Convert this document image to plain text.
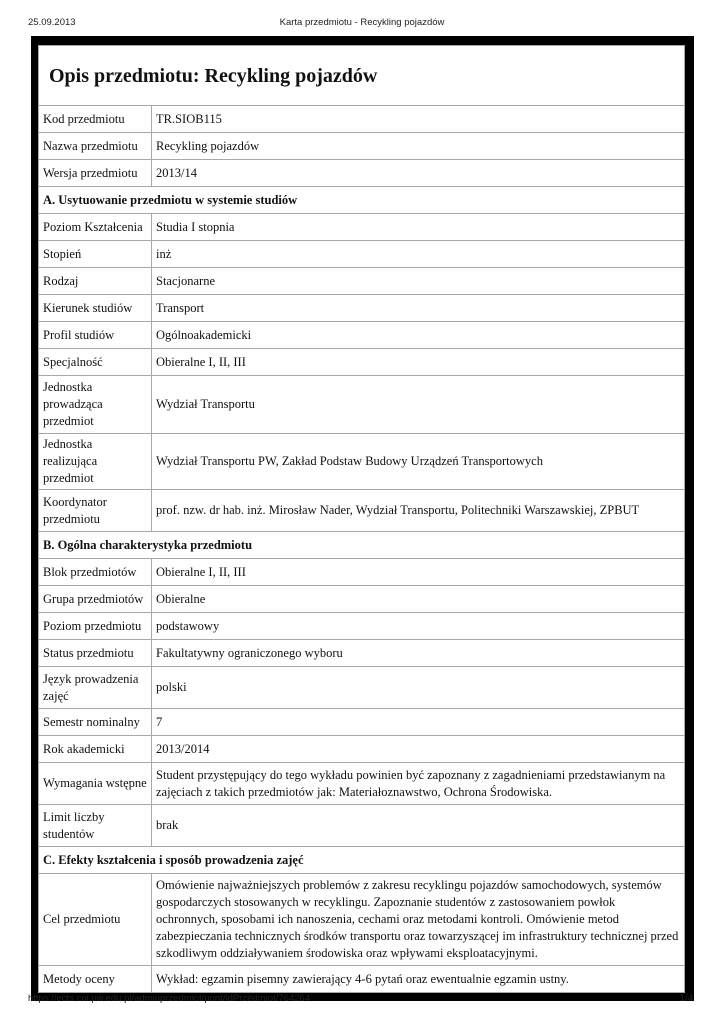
25.09.2013	Karta przedmiotu - Recykling pojazdów
Opis przedmiotu: Recykling pojazdów
Kod przedmiotu	TR.SIOB115
Nazwa przedmiotu	Recykling pojazdów
Wersja przedmiotu	2013/14
A. Usytuowanie przedmiotu w systemie studiów	
Poziom Kształcenia	Studia I stopnia
Stopień	inż
Rodzaj	Stacjonarne
Kierunek studiów	Transport
Profil studiów	Ogólnoakademicki
Specjalność	Obieralne I, II, III
Jednostka prowadząca przedmiot	Wydział Transportu
Jednostka realizująca przedmiot	Wydział Transportu PW, Zakład Podstaw Budowy Urządzeń Transportowych
Koordynator przedmiotu	prof. nzw. dr hab. inż. Mirosław Nader, Wydział Transportu, Politechniki Warszawskiej, ZPBUT
B. Ogólna charakterystyka przedmiotu	
Blok przedmiotów	Obieralne I, II, III
Grupa przedmiotów	Obieralne
Poziom przedmiotu	podstawowy
Status przedmiotu	Fakultatywny ograniczonego wyboru
Język prowadzenia zajęć	polski
Semestr nominalny	7
Rok akademicki	2013/2014
Wymagania wstępne	Student przystępujący do tego wykładu powinien być zapoznany z zagadnieniami przedstawianym na zajęciach z takich przedmiotów jak: Materiałoznawstwo, Ochrona Środowiska.
Limit liczby studentów	brak
C. Efekty kształcenia i sposób prowadzenia zajęć	
Cel przedmiotu	Omówienie najważniejszych problemów z zakresu recyklingu pojazdów samochodowych, systemów gospodarczych stosowanych w recyklingu. Zapoznanie studentów z zastosowaniem powłok ochronnych, sposobami ich nanoszenia, cechami oraz metodami kontroli. Omówienie metod zabezpieczania technicznych środków transportu oraz towarzyszącej im infrastruktury technicznej przed szkodliwym oddziaływaniem środowiska oraz wpływami eksploatacyjnymi.
Metody oceny	Wykład: egzamin pisemny zawierający 4-6 pytań oraz ewentualnie egzamin ustny.
https://ects.coi.pw.edu.pl/adminprzedmiot/print/idPrzedmiot/764264	1/4
